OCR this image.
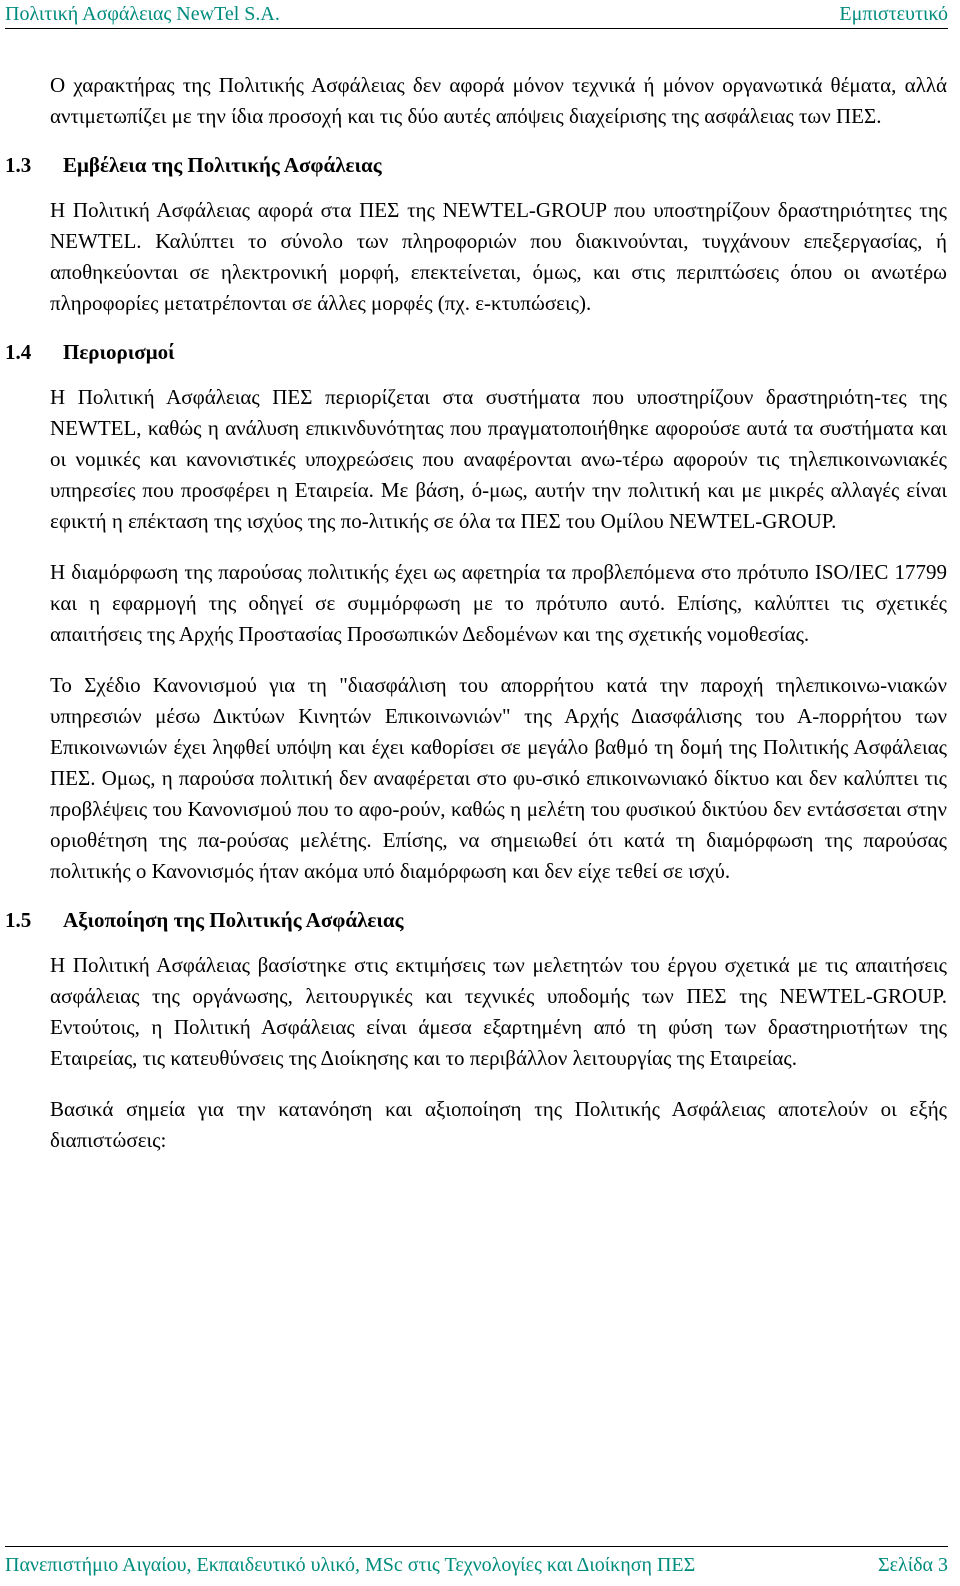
Πολιτική Ασφάλειας NewTel S.A.	Εμπιστευτικό

Ο χαρακτήρας της Πολιτικής Ασφάλειας δεν αφορά μόνον τεχνικά ή μόνον οργανωτικά θέματα, αλλά αντιμετωπίζει με την ίδια προσοχή και τις δύο αυτές απόψεις διαχείρισης της ασφάλειας των ΠΕΣ.

1.3 Εμβέλεια της Πολιτικής Ασφάλειας

Η Πολιτική Ασφάλειας αφορά στα ΠΕΣ της NEWTEL-GROUP που υποστηρίζουν δραστηριότητες της NEWTEL. Καλύπτει το σύνολο των πληροφοριών που διακινούνται, τυγχάνουν επεξεργασίας, ή αποθηκεύονται σε ηλεκτρονική μορφή, επεκτείνεται, όμως, και στις περιπτώσεις όπου οι ανωτέρω πληροφορίες μετατρέπονται σε άλλες μορφές (πχ. ε-κτυπώσεις).

1.4 Περιορισμοί

Η Πολιτική Ασφάλειας ΠΕΣ περιορίζεται στα συστήματα που υποστηρίζουν δραστηριότη-τες της NEWTEL, καθώς η ανάλυση επικινδυνότητας που πραγματοποιήθηκε αφορούσε αυτά τα συστήματα και οι νομικές και κανονιστικές υποχρεώσεις που αναφέρονται ανω-τέρω αφορούν τις τηλεπικοινωνιακές υπηρεσίες που προσφέρει η Εταιρεία. Με βάση, ό-μως, αυτήν την πολιτική και με μικρές αλλαγές είναι εφικτή η επέκταση της ισχύος της πο-λιτικής σε όλα τα ΠΕΣ του Ομίλου NEWTEL-GROUP.

Η διαμόρφωση της παρούσας πολιτικής έχει ως αφετηρία τα προβλεπόμενα στο πρότυπο ISO/IEC 17799 και η εφαρμογή της οδηγεί σε συμμόρφωση με το πρότυπο αυτό. Επίσης, καλύπτει τις σχετικές απαιτήσεις της Αρχής Προστασίας Προσωπικών Δεδομένων και της σχετικής νομοθεσίας.

Το Σχέδιο Κανονισμού για τη "διασφάλιση του απορρήτου κατά την παροχή τηλεπικοινω-νιακών υπηρεσιών μέσω Δικτύων Κινητών Επικοινωνιών" της Αρχής Διασφάλισης του Α-πορρήτου των Επικοινωνιών έχει ληφθεί υπόψη και έχει καθορίσει σε μεγάλο βαθμό τη δομή της Πολιτικής Ασφάλειας ΠΕΣ. Ομως, η παρούσα πολιτική δεν αναφέρεται στο φυ-σικό επικοινωνιακό δίκτυο και δεν καλύπτει τις προβλέψεις του Κανονισμού που το αφο-ρούν, καθώς η μελέτη του φυσικού δικτύου δεν εντάσσεται στην οριοθέτηση της πα-ρούσας μελέτης. Επίσης, να σημειωθεί ότι κατά τη διαμόρφωση της παρούσας πολιτικής ο Κανονισμός ήταν ακόμα υπό διαμόρφωση και δεν είχε τεθεί σε ισχύ.

1.5 Αξιοποίηση της Πολιτικής Ασφάλειας

Η Πολιτική Ασφάλειας βασίστηκε στις εκτιμήσεις των μελετητών του έργου σχετικά με τις απαιτήσεις ασφάλειας της οργάνωσης, λειτουργικές και τεχνικές υποδομής των ΠΕΣ της NEWTEL-GROUP. Εντούτοις, η Πολιτική Ασφάλειας είναι άμεσα εξαρτημένη από τη φύση των δραστηριοτήτων της Εταιρείας, τις κατευθύνσεις της Διοίκησης και το περιβάλλον λειτουργίας της Εταιρείας.

Βασικά σημεία για την κατανόηση και αξιοποίηση της Πολιτικής Ασφάλειας αποτελούν οι εξής διαπιστώσεις:

Πανεπιστήμιο Αιγαίου, Εκπαιδευτικό υλικό, MSc στις Τεχνολογίες και Διοίκηση ΠΕΣ	Σελίδα 3
